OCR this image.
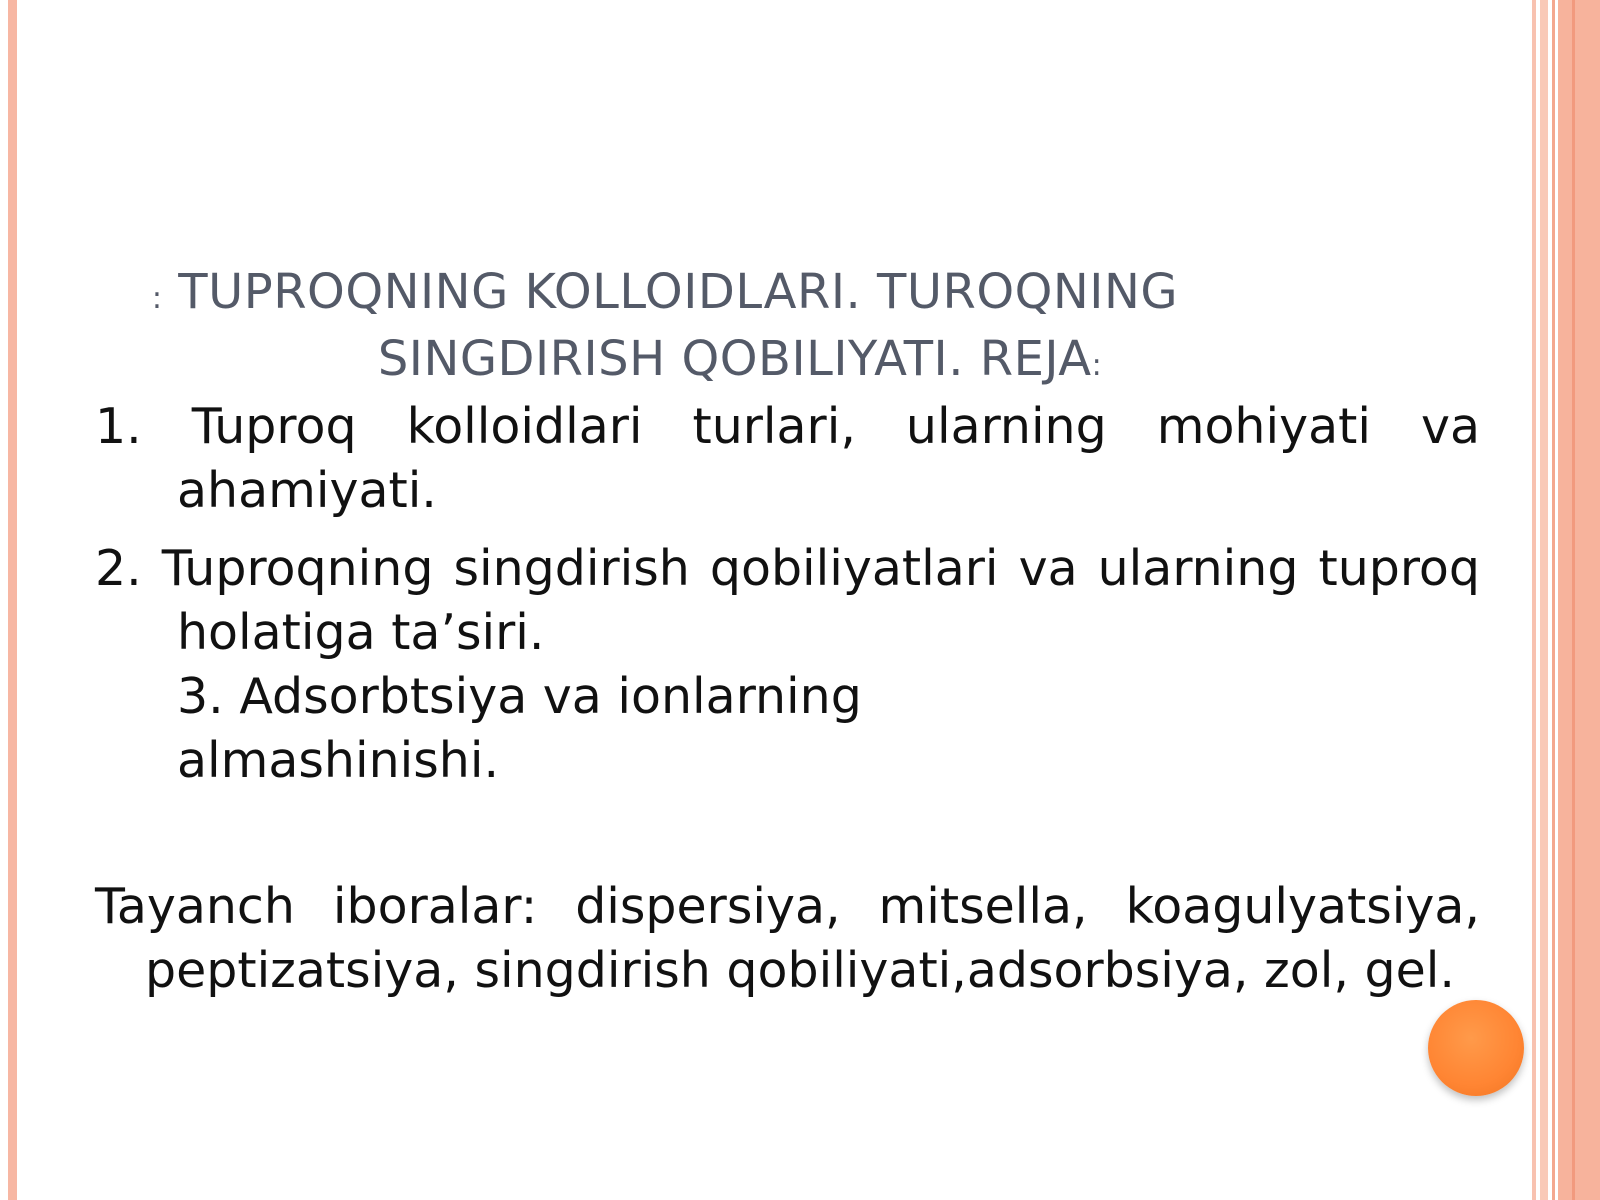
: TUPROQNING KOLLOIDLARI. TUROQNING
SINGDIRISH QOBILIYATI. REJA:

1. Tuproq kolloidlari turlari, ularning mohiyati va ahamiyati.

2. Tuproqning singdirish qobiliyatlari va ularning tuproq holatiga ta’siri.

3. Adsorbtsiya va ionlarning
almashinishi.

Tayanch iboralar: dispersiya, mitsella, koagulyatsiya, peptizatsiya, singdirish qobiliyati,adsorbsiya, zol, gel.
